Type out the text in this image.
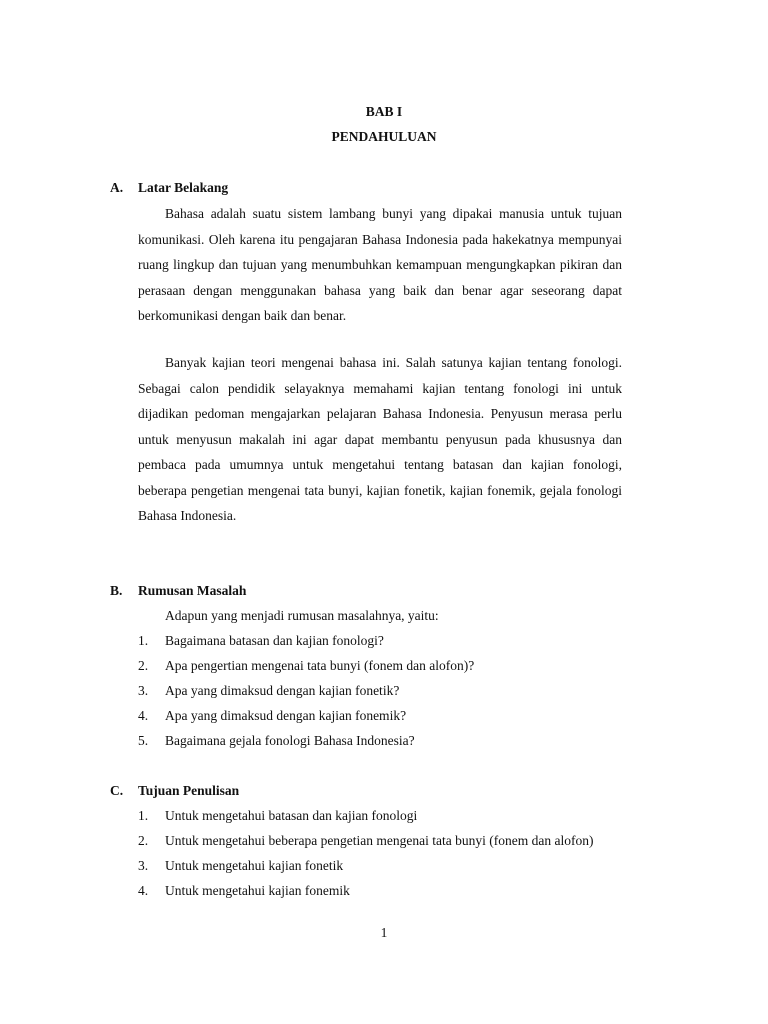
BAB I
PENDAHULUAN
A. Latar Belakang
Bahasa adalah suatu sistem lambang bunyi yang dipakai manusia untuk tujuan komunikasi. Oleh karena itu pengajaran Bahasa Indonesia pada hakekatnya mempunyai ruang lingkup dan tujuan yang menumbuhkan kemampuan mengungkapkan pikiran dan perasaan dengan menggunakan bahasa yang baik dan benar agar seseorang dapat berkomunikasi dengan baik dan benar.
Banyak kajian teori mengenai bahasa ini. Salah satunya kajian tentang fonologi. Sebagai calon pendidik selayaknya memahami kajian tentang fonologi ini untuk dijadikan pedoman mengajarkan pelajaran Bahasa Indonesia. Penyusun merasa perlu untuk menyusun makalah ini agar dapat membantu penyusun pada khususnya dan pembaca pada umumnya untuk mengetahui tentang batasan dan kajian fonologi, beberapa pengetian mengenai tata bunyi, kajian fonetik, kajian fonemik, gejala fonologi Bahasa Indonesia.
B. Rumusan Masalah
Adapun yang menjadi rumusan masalahnya, yaitu:
1. Bagaimana batasan dan kajian fonologi?
2. Apa pengertian mengenai tata bunyi (fonem dan alofon)?
3. Apa yang dimaksud dengan kajian fonetik?
4. Apa yang dimaksud dengan kajian fonemik?
5. Bagaimana gejala fonologi Bahasa Indonesia?
C. Tujuan Penulisan
1. Untuk mengetahui batasan dan kajian fonologi
2. Untuk mengetahui beberapa pengetian mengenai tata bunyi (fonem dan alofon)
3. Untuk mengetahui kajian fonetik
4. Untuk mengetahui kajian fonemik
1
